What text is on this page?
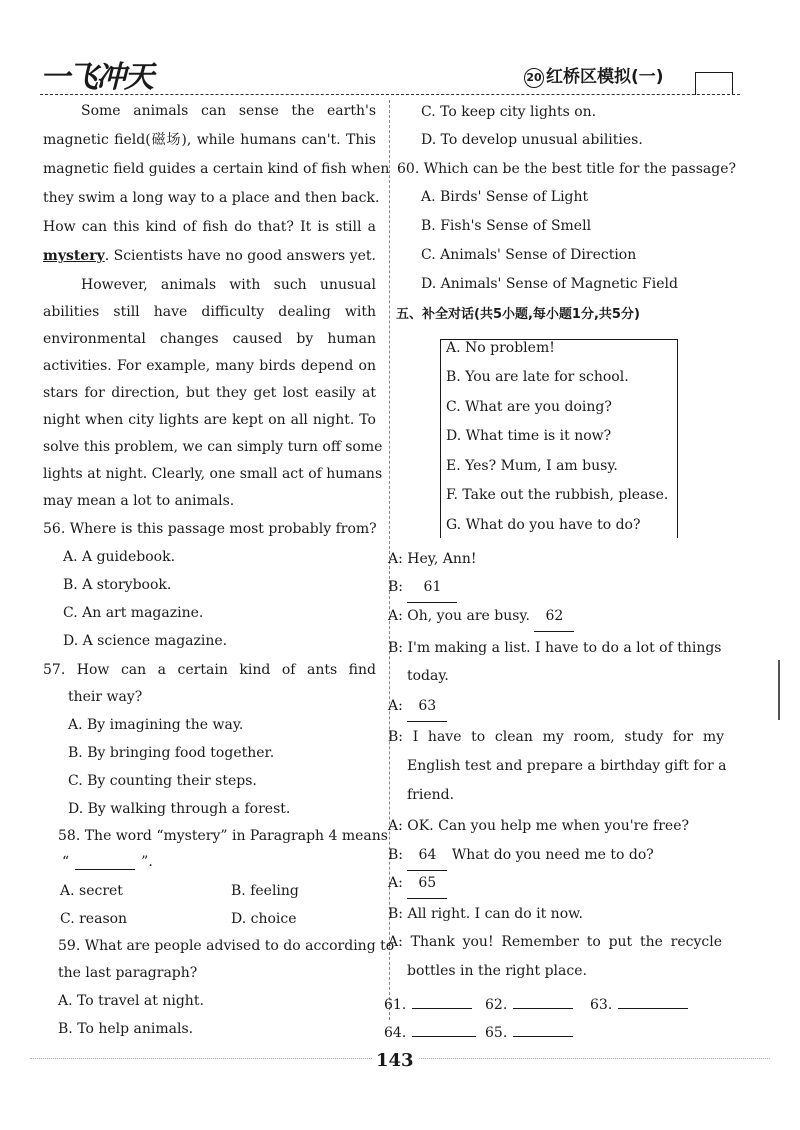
一飞冲天	20 红桥区模拟(一)
Some animals can sense the earth's
magnetic field(磁场), while humans can't. This
magnetic field guides a certain kind of fish when
they swim a long way to a place and then back.
How can this kind of fish do that? It is still a
mystery. Scientists have no good answers yet.
However, animals with such unusual
abilities still have difficulty dealing with
environmental changes caused by human
activities. For example, many birds depend on
stars for direction, but they get lost easily at
night when city lights are kept on all night. To
solve this problem, we can simply turn off some
lights at night. Clearly, one small act of humans
may mean a lot to animals.
56. Where is this passage most probably from?
A. A guidebook.
B. A storybook.
C. An art magazine.
D. A science magazine.
57. How can a certain kind of ants find
their way?
A. By imagining the way.
B. By bringing food together.
C. By counting their steps.
D. By walking through a forest.
58. The word “mystery” in Paragraph 4 means
“	”.
A. secret	B. feeling
C. reason	D. choice
59. What are people advised to do according to
the last paragraph?
A. To travel at night.
B. To help animals.
C. To keep city lights on.
D. To develop unusual abilities.
60. Which can be the best title for the passage?
A. Birds' Sense of Light
B. Fish's Sense of Smell
C. Animals' Sense of Direction
D. Animals' Sense of Magnetic Field
五、补全对话(共5小题,每小题1分,共5分)
A. No problem!
B. You are late for school.
C. What are you doing?
D. What time is it now?
E. Yes? Mum, I am busy.
F. Take out the rubbish, please.
G. What do you have to do?
A: Hey, Ann!
B: 61
A: Oh, you are busy. 62
B: I'm making a list. I have to do a lot of things
today.
A: 63
B: I have to clean my room, study for my
English test and prepare a birthday gift for a
friend.
A: OK. Can you help me when you're free?
B: 64 What do you need me to do?
A: 65
B: All right. I can do it now.
A: Thank you! Remember to put the recycle
bottles in the right place.
61.	62.	63.
64.	65.
143
